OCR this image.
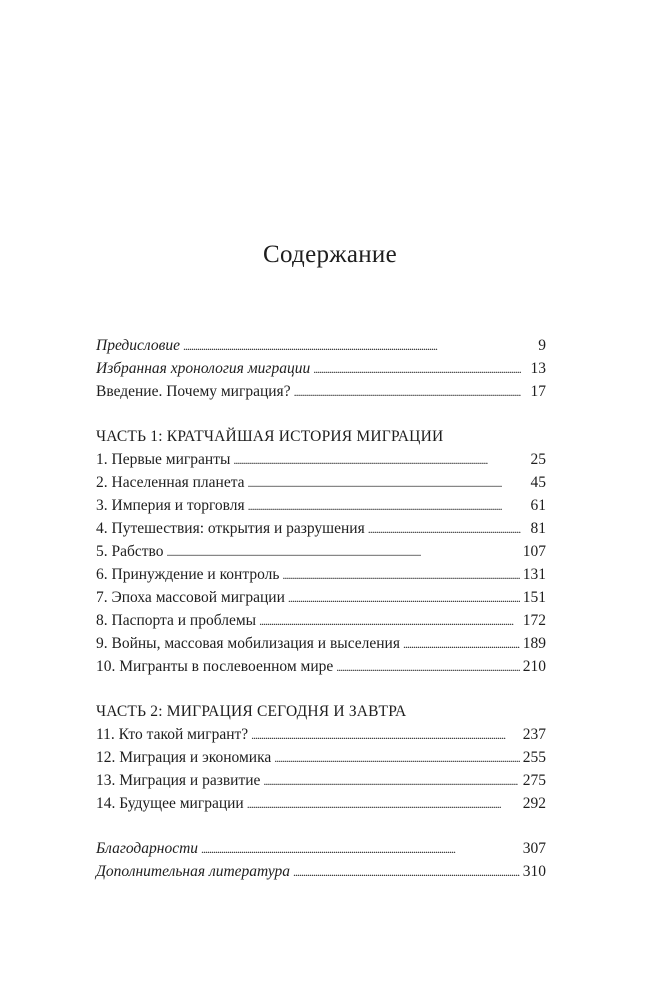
Содержание
Предисловие . . .	9
Избранная хронология миграции . . .	13
Введение. Почему миграция? . . .	17
ЧАСТЬ 1: КРАТЧАЙШАЯ ИСТОРИЯ МИГРАЦИИ
1. Первые мигранты . . .	25
2. Населенная планета . . .	45
3. Империя и торговля . . .	61
4. Путешествия: открытия и разрушения . . .	81
5. Рабство . . .	107
6. Принуждение и контроль . . .	131
7. Эпоха массовой миграции . . .	151
8. Паспорта и проблемы . . .	172
9. Войны, массовая мобилизация и выселения . . .	189
10. Мигранты в послевоенном мире . . .	210
ЧАСТЬ 2: МИГРАЦИЯ СЕГОДНЯ И ЗАВТРА
11. Кто такой мигрант? . . .	237
12. Миграция и экономика . . .	255
13. Миграция и развитие . . .	275
14. Будущее миграции . . .	292
Благодарности . . .	307
Дополнительная литература . . .	310
